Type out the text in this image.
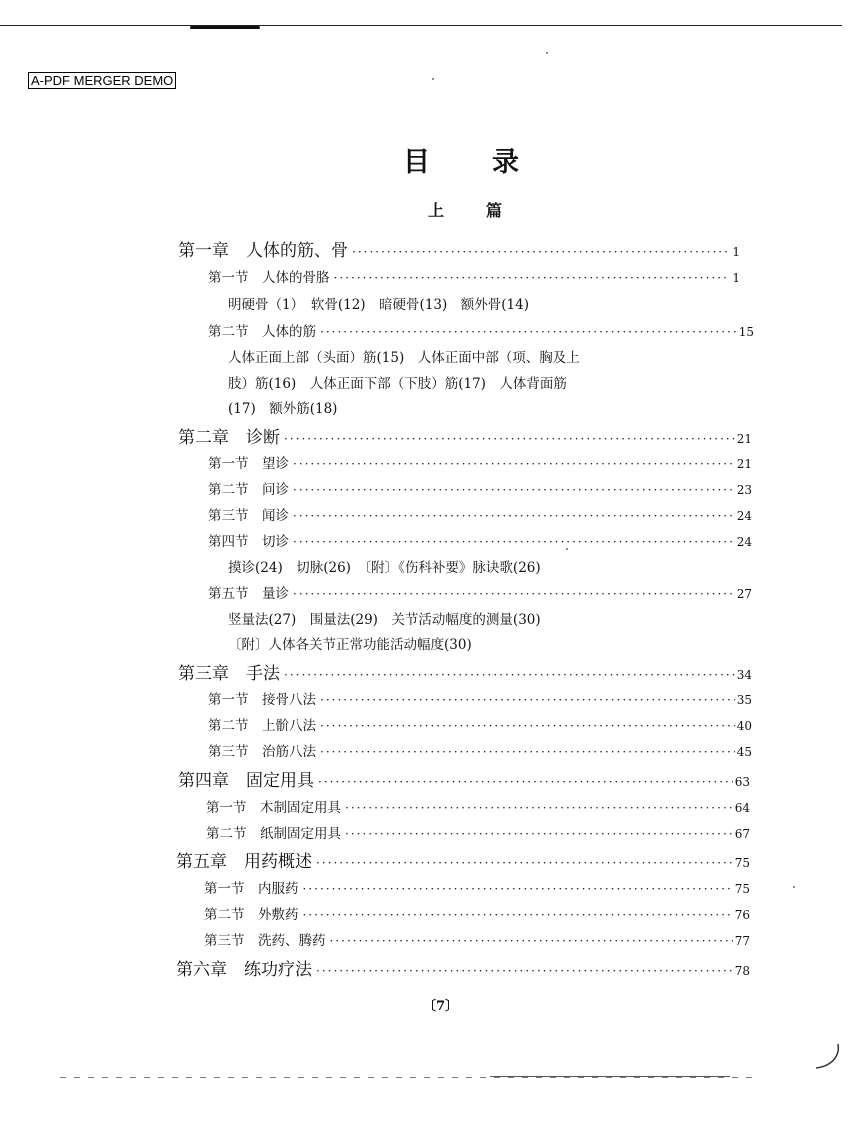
A-PDF MERGER DEMO
目录
上篇
第一章　人体的筋、骨 ·····	1
第一节　人体的骨胳 ·····	1
明硬骨（1）　软骨(12)　暗硬骨(13)　额外骨(14)
第二节　人体的筋 ·····	15
人体正面上部（头面）筋(15)　人体正面中部（项、胸及上
肢）筋(16)　人体正面下部（下肢）筋(17)　人体背面筋
(17)　额外筋(18)
第二章　诊断 ·····	21
第一节　望诊 ·····	21
第二节　问诊 ·····	23
第三节　闻诊 ·····	24
第四节　切诊 ·····	24
摸诊(24)　切脉(26)　〔附〕《伤科补要》脉诀歌(26)
第五节　量诊 ·····	27
竖量法(27)　围量法(29)　关节活动幅度的测量(30)
〔附〕人体各关节正常功能活动幅度(30)
第三章　手法 ·····	34
第一节　接骨八法 ·····	35
第二节　上骱八法 ·····	40
第三节　治筋八法 ·····	45
第四章　固定用具 ·····	63
第一节　木制固定用具 ·····	64
第二节　纸制固定用具 ·····	67
第五章　用药概述 ·····	75
第一节　内服药 ·····	75
第二节　外敷药 ·····	76
第三节　洗药、腾药 ·····	77
第六章　练功疗法 ·····	78
〔7〕
